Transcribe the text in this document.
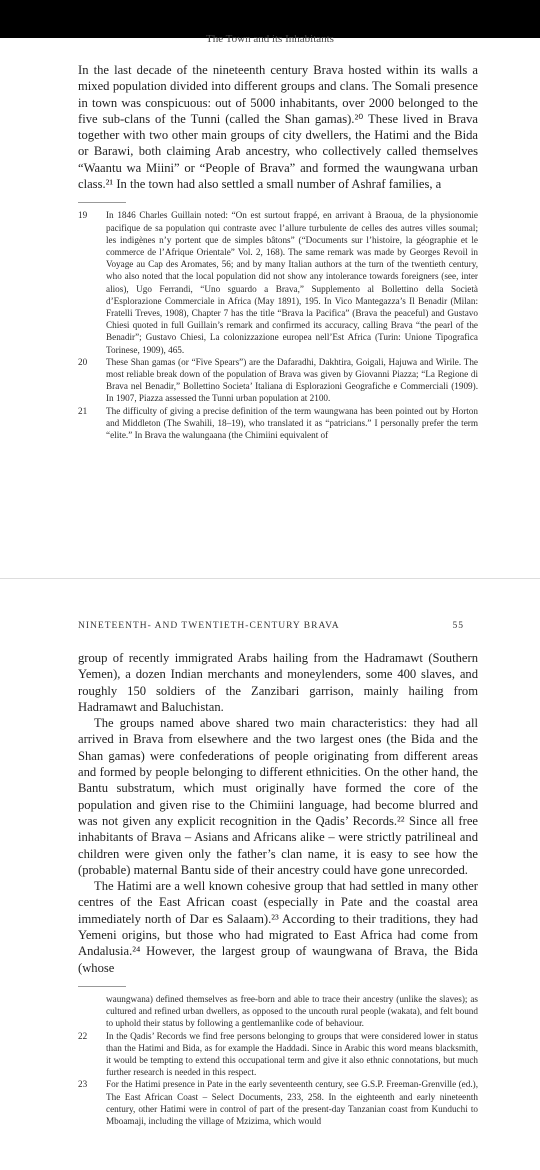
The Town and its Inhabitants

In the last decade of the nineteenth century Brava hosted within its walls a mixed population divided into different groups and clans. The Somali presence in town was conspicuous: out of 5000 inhabitants, over 2000 belonged to the five sub-clans of the Tunni (called the Shan gamas).²⁰ These lived in Brava together with two other main groups of city dwellers, the Hatimi and the Bida or Barawi, both claiming Arab ancestry, who collectively called themselves “Waantu wa Miini” or “People of Brava” and formed the waungwana urban class.²¹ In the town had also settled a small number of Ashraf families, a

19	In 1846 Charles Guillain noted: “On est surtout frappé, en arrivant à Braoua, de la physionomie pacifique de sa population qui contraste avec l’allure turbulente de celles des autres villes soumal; les indigènes n’y portent que de simples bâtons” (“Documents sur l’histoire, la géographie et le commerce de l’Afrique Orientale” Vol. 2, 168). The same remark was made by Georges Revoil in Voyage au Cap des Aromates, 56; and by many Italian authors at the turn of the twentieth century, who also noted that the local population did not show any intolerance towards foreigners (see, inter alios), Ugo Ferrandi, “Uno sguardo a Brava,” Supplemento al Bollettino della Società d’Esplorazione Commerciale in Africa (May 1891), 195. In Vico Mantegazza’s Il Benadir (Milan: Fratelli Treves, 1908), Chapter 7 has the title “Brava la Pacifica” (Brava the peaceful) and Gustavo Chiesi quoted in full Guillain’s remark and confirmed its accuracy, calling Brava “the pearl of the Benadir”; Gustavo Chiesi, La colonizzazione europea nell’Est Africa (Turin: Unione Tipografica Torinese, 1909), 465.
20	These Shan gamas (or “Five Spears”) are the Dafaradhi, Dakhtira, Goigali, Hajuwa and Wirile. The most reliable break down of the population of Brava was given by Giovanni Piazza; “La Regione di Brava nel Benadir,” Bollettino Societa’ Italiana di Esplorazioni Geografiche e Commerciali (1909). In 1907, Piazza assessed the Tunni urban population at 2100.
21	The difficulty of giving a precise definition of the term waungwana has been pointed out by Horton and Middleton (The Swahili, 18–19), who translated it as “patricians.” I personally prefer the term “elite.” In Brava the walungaana (the Chimiini equivalent of
NINETEENTH- AND TWENTIETH-CENTURY BRAVA	55

group of recently immigrated Arabs hailing from the Hadramawt (Southern Yemen), a dozen Indian merchants and moneylenders, some 400 slaves, and roughly 150 soldiers of the Zanzibari garrison, mainly hailing from Hadramawt and Baluchistan.

The groups named above shared two main characteristics: they had all arrived in Brava from elsewhere and the two largest ones (the Bida and the Shan gamas) were confederations of people originating from different areas and formed by people belonging to different ethnicities. On the other hand, the Bantu substratum, which must originally have formed the core of the population and given rise to the Chimiini language, had become blurred and was not given any explicit recognition in the Qadis’ Records.²² Since all free inhabitants of Brava – Asians and Africans alike – were strictly patrilineal and children were given only the father’s clan name, it is easy to see how the (probable) maternal Bantu side of their ancestry could have gone unrecorded.

The Hatimi are a well known cohesive group that had settled in many other centres of the East African coast (especially in Pate and the coastal area immediately north of Dar es Salaam).²³ According to their traditions, they had Yemeni origins, but those who had migrated to East Africa had come from Andalusia.²⁴ However, the largest group of waungwana of Brava, the Bida (whose

waungwana) defined themselves as free-born and able to trace their ancestry (unlike the slaves); as cultured and refined urban dwellers, as opposed to the uncouth rural people (wakata), and felt bound to uphold their status by following a gentlemanlike code of behaviour.
22	In the Qadis’ Records we find free persons belonging to groups that were considered lower in status than the Hatimi and Bida, as for example the Haddadi. Since in Arabic this word means blacksmith, it would be tempting to extend this occupational term and give it also ethnic connotations, but much further research is needed in this respect.
23	For the Hatimi presence in Pate in the early seventeenth century, see G.S.P. Freeman-Grenville (ed.), The East African Coast – Select Documents, 233, 258. In the eighteenth and early nineteenth century, other Hatimi were in control of part of the present-day Tanzanian coast from Kunduchi to Mboamaji, including the village of Mzizima, which would
